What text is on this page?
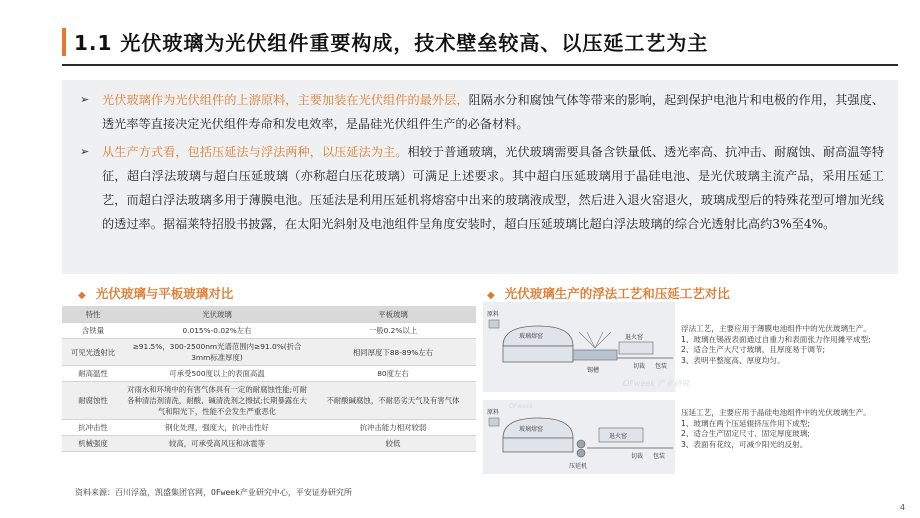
1.1 光伏玻璃为光伏组件重要构成，技术壁垒较高、以压延工艺为主
➢ 光伏玻璃作为光伏组件的上游原料，主要加装在光伏组件的最外层，阻隔水分和腐蚀气体等带来的影响，起到保护电池片和电极的作用，其强度、透光率等直接决定光伏组件寿命和发电效率，是晶硅光伏组件生产的必备材料。
➢ 从生产方式看，包括压延法与浮法两种，以压延法为主。相较于普通玻璃，光伏玻璃需要具备含铁量低、透光率高、抗冲击、耐腐蚀、耐高温等特征，超白浮法玻璃与超白压延玻璃（亦称超白压花玻璃）可满足上述要求。其中超白压延玻璃用于晶硅电池、是光伏玻璃主流产品，采用压延工艺，而超白浮法玻璃多用于薄膜电池。压延法是利用压延机将熔窑中出来的玻璃液成型，然后进入退火窑退火，玻璃成型后的特殊花型可增加光线的透过率。据福莱特招股书披露，在太阳光斜射及电池组件呈角度安装时，超白压延玻璃比超白浮法玻璃的综合光透射比高约3%至4%。
◆ 光伏玻璃与平板玻璃对比	◆ 光伏玻璃生产的浮法工艺和压延工艺对比
特性	光伏玻璃	平板玻璃
含铁量	0.015%-0.02%左右	一般0.2%以上
可见光透射比	≥91.5%，300-2500nm光谱范围内≥91.0%(折合3mm标准厚度)	相同厚度下88-89%左右
耐高温性	可承受500度以上的表面高温	80度左右
耐腐蚀性	对雨水和环境中的有害气体具有一定的耐腐蚀性能;可耐各种清洁剂清洗，耐酸、碱清洗剂之擦拭;长期暴露在大气和阳光下，性能不会发生严重恶化	不耐酸碱腐蚀，不耐恶劣天气及有害气体
抗冲击性	钢化处理，强度大，抗冲击性好	抗冲击能力相对较弱
机械强度	较高，可承受高风压和冰雹等	较低
原料
玻璃熔窑
锡槽
退火窑
切裁 包装
OFweek 产业研究
浮法工艺，主要应用于薄膜电池组件中的光伏玻璃生产。
1、玻璃在锡液表面通过自重力和表面张力作用摊平成型;
2、适合生产大尺寸玻璃，且厚度易于调节;
3、表明平整度高、厚度均匀。
OFweek
原料
玻璃熔窑
压延机
退火窑
切裁 包装
压延工艺，主要应用于晶硅电池组件中的光伏玻璃生产。
1、玻璃在两个压延辊挤压作用下成型;
2、适合生产固定尺寸、固定厚度玻璃;
3、表面有花纹，可减少阳光的反射。
资料来源：百川浮盈，凯盛集团官网，OFweek产业研究中心，平安证券研究所
4
